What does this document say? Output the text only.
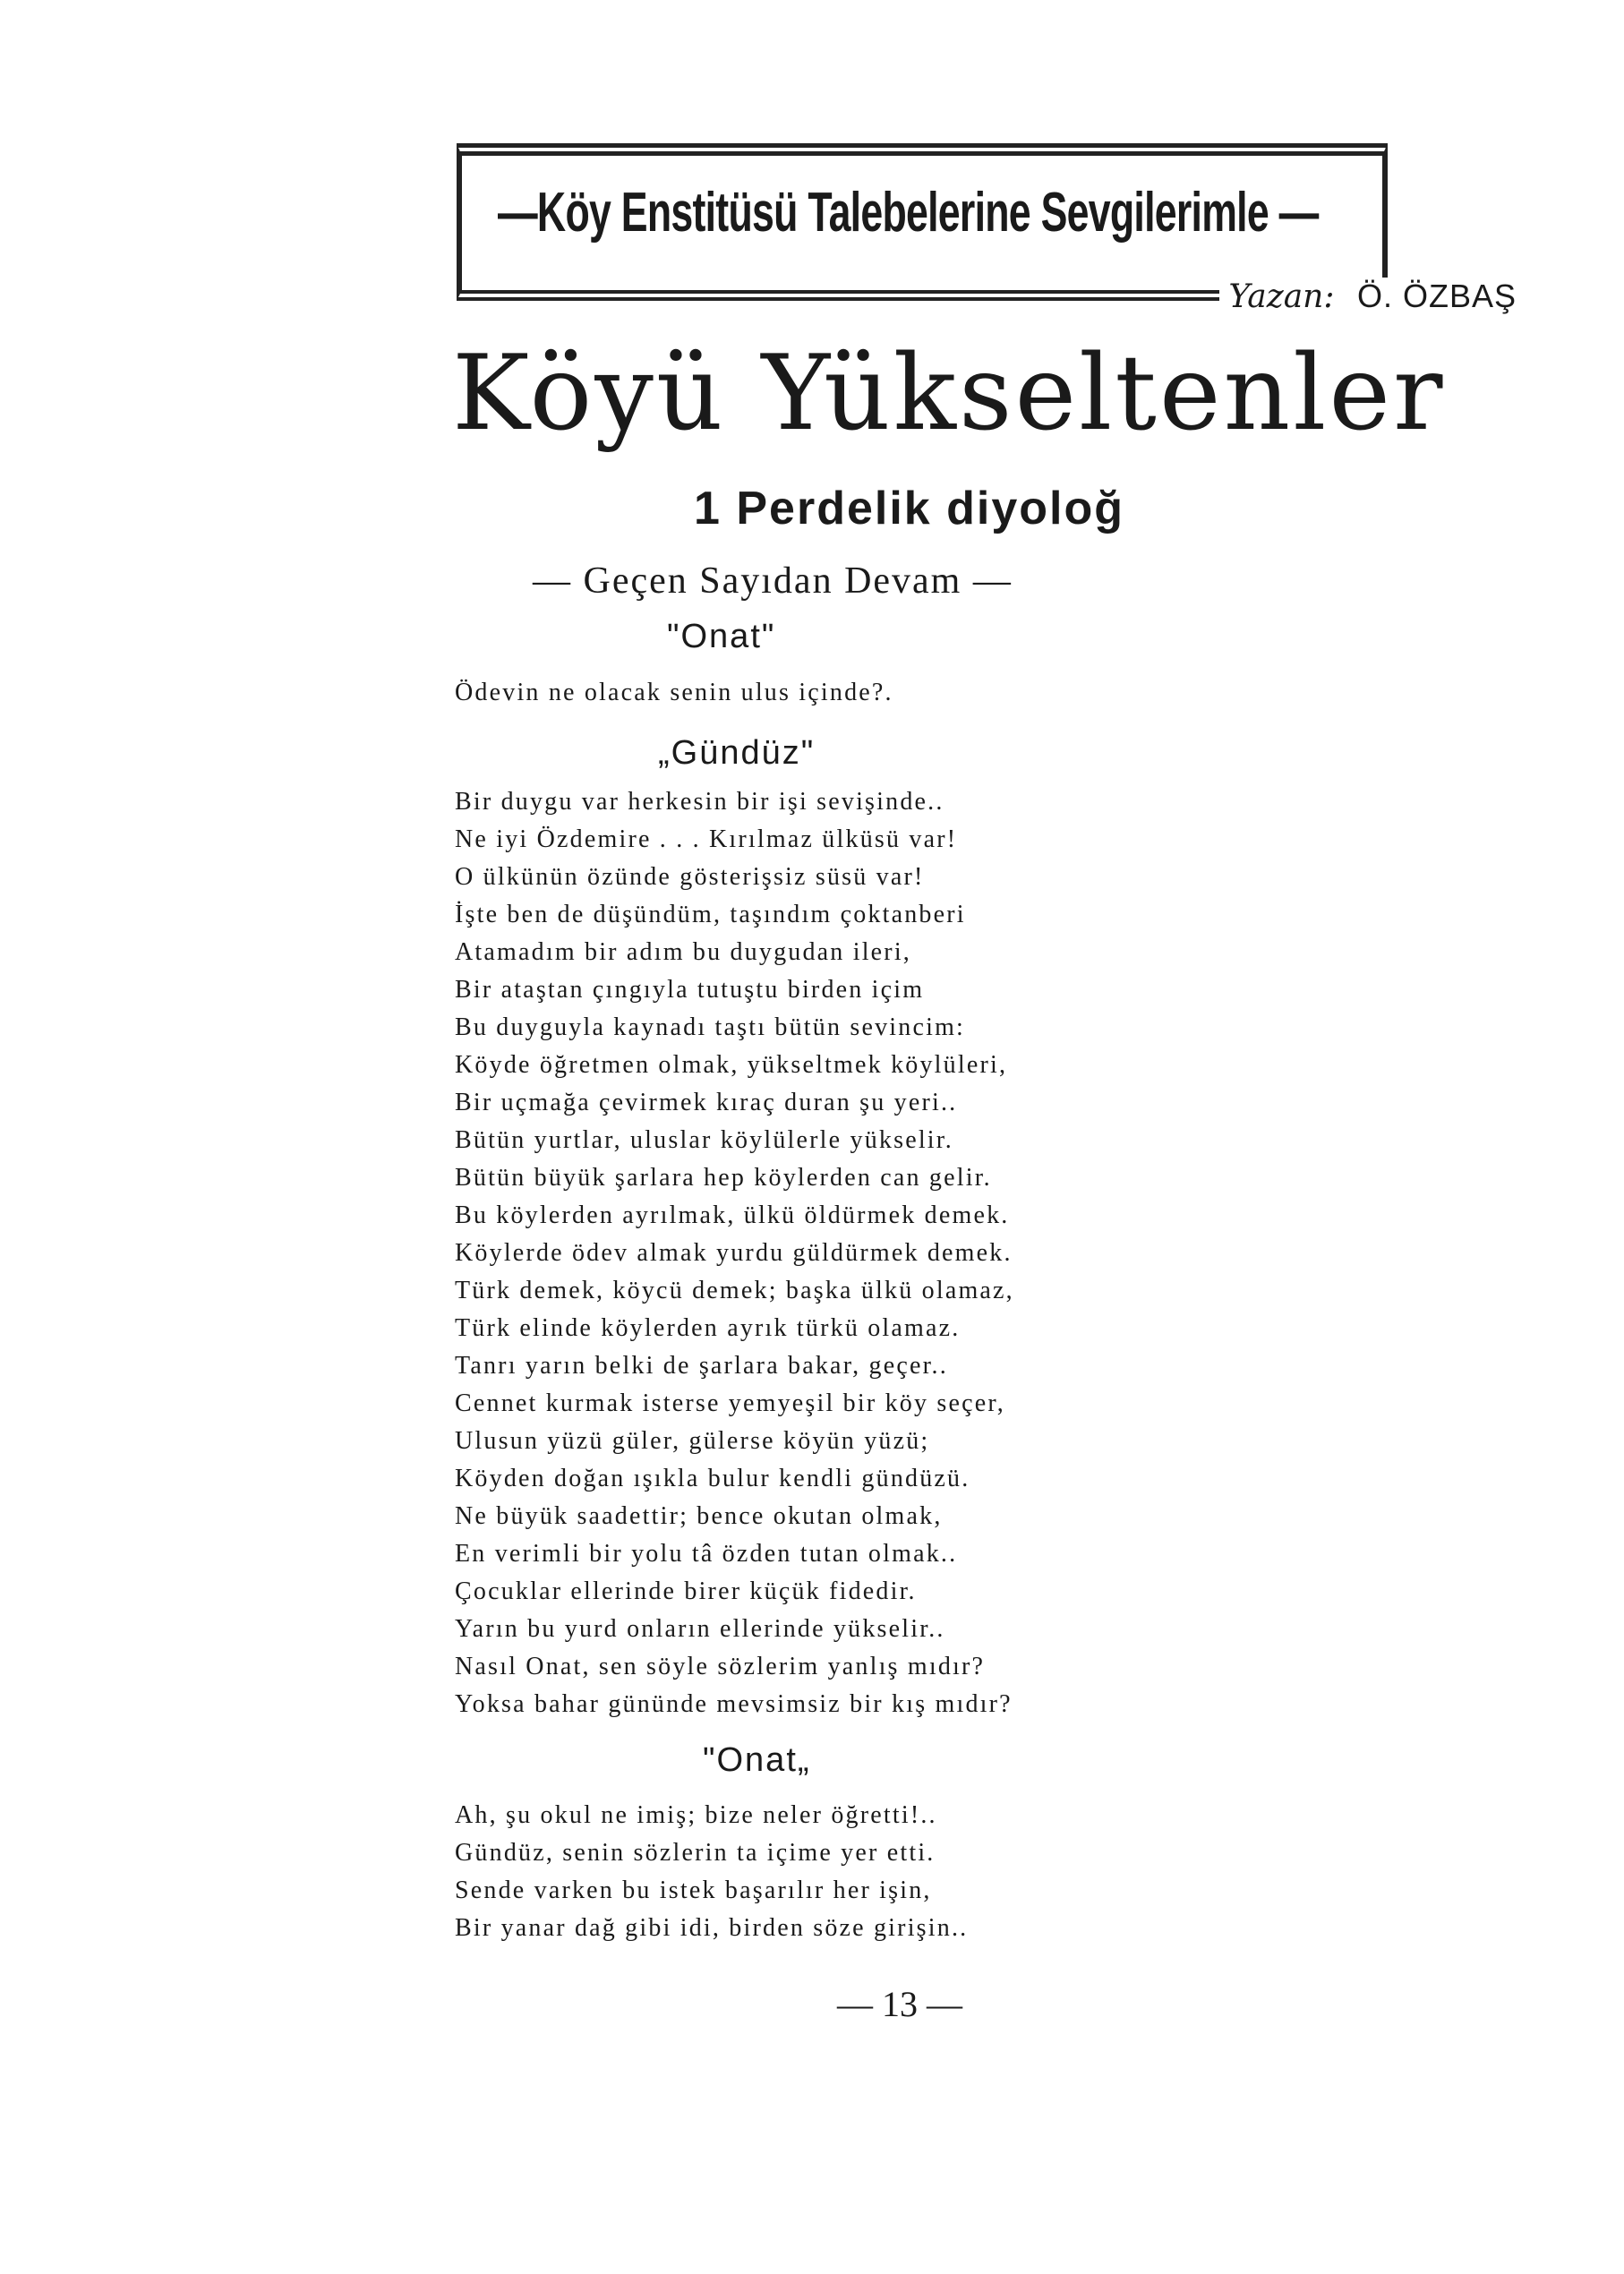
—Köy Enstitüsü Talebelerine Sevgilerimle —
Yazan: Ö. ÖZBAŞ
Köyü Yükseltenler
1 Perdelik diyoloğ
— Geçen Sayıdan Devam —
"Onat"
Ödevin ne olacak senin ulus içinde?.
„Gündüz"
Bir duygu var herkesin bir işi sevişinde..
Ne iyi Özdemire . . . Kırılmaz ülküsü var!
O ülkünün özünde gösterişsiz süsü var!
İşte ben de düşündüm, taşındım çoktanberi
Atamadım bir adım bu duygudan ileri,
Bir ataştan çıngıyla tutuştu birden içim
Bu duyguyla kaynadı taştı bütün sevincim:
Köyde öğretmen olmak, yükseltmek köylüleri,
Bir uçmağa çevirmek kıraç duran şu yeri..
Bütün yurtlar, uluslar köylülerle yükselir.
Bütün büyük şarlara hep köylerden can gelir.
Bu köylerden ayrılmak, ülkü öldürmek demek.
Köylerde ödev almak yurdu güldürmek demek.
Türk demek, köycü demek; başka ülkü olamaz,
Türk elinde köylerden ayrık türkü olamaz.
Tanrı yarın belki de şarlara bakar, geçer..
Cennet kurmak isterse yemyeşil bir köy seçer,
Ulusun yüzü güler, gülerse köyün yüzü;
Köyden doğan ışıkla bulur kendli gündüzü.
Ne büyük saadettir; bence okutan olmak,
En verimli bir yolu tâ özden tutan olmak..
Çocuklar ellerinde birer küçük fidedir.
Yarın bu yurd onların ellerinde yükselir..
Nasıl Onat, sen söyle sözlerim yanlış mıdır?
Yoksa bahar gününde mevsimsiz bir kış mıdır?
"Onat„
Ah, şu okul ne imiş; bize neler öğretti!..
Gündüz, senin sözlerin ta içime yer etti.
Sende varken bu istek başarılır her işin,
Bir yanar dağ gibi idi, birden söze girişin..
— 13 —
